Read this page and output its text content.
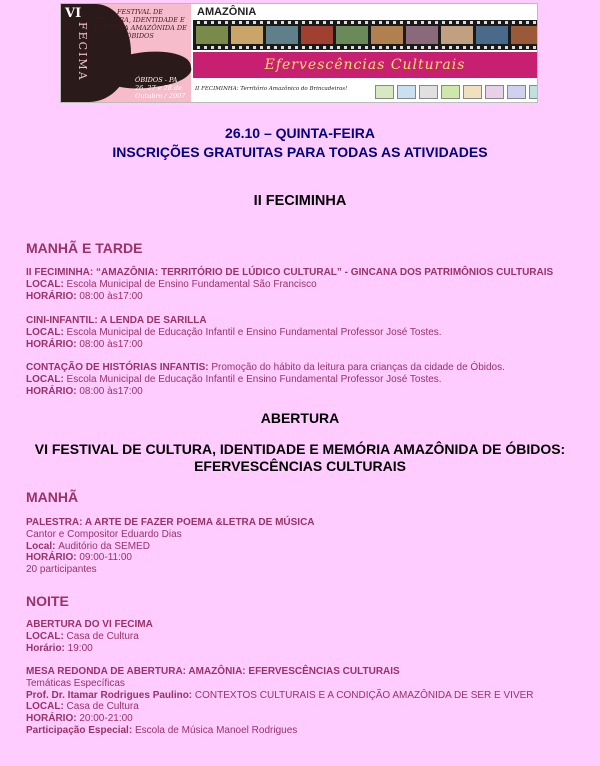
VI
FECIMA
FESTIVAL DE
CULTURA, IDENTIDADE E
MEMÓRIA AMAZÔNIDA DE
ÓBIDOS
ÓBIDOS - PA
26, 27 e 28 de Outubro / 2007
AMAZÔNIA
Efervescências Culturais
II FECIMINHA: Território Amazônico do Brincadeiras!
26.10 – QUINTA-FEIRA
INSCRIÇÕES GRATUITAS PARA TODAS AS ATIVIDADES
II FECIMINHA
MANHÃ E TARDE
II FECIMINHA: “AMAZÔNIA: TERRITÓRIO DE LÚDICO CULTURAL” - GINCANA DOS PATRIMÔNIOS CULTURAIS
LOCAL: Escola Municipal de Ensino Fundamental São Francisco
HORÁRIO: 08:00 às17:00
CINI-INFANTIL: A LENDA DE SARILLA
LOCAL: Escola Municipal de Educação Infantil e Ensino Fundamental Professor José Tostes.
HORÁRIO: 08:00 às17:00
CONTAÇÃO DE HISTÓRIAS INFANTIS: Promoção do hábito da leitura para crianças da cidade de Óbidos.
LOCAL: Escola Municipal de Educação Infantil e Ensino Fundamental Professor José Tostes.
HORÁRIO: 08:00 às17:00
ABERTURA
VI FESTIVAL DE CULTURA, IDENTIDADE E MEMÓRIA AMAZÔNIDA DE ÓBIDOS:
EFERVESCÊNCIAS CULTURAIS
MANHÃ
PALESTRA: A ARTE DE FAZER POEMA &LETRA DE MÚSICA
Cantor e Compositor Eduardo Dias
Local: Auditório da SEMED
HORÁRIO: 09:00-11:00
20 participantes
NOITE
ABERTURA DO VI FECIMA
LOCAL: Casa de Cultura
Horário: 19:00
MESA REDONDA DE ABERTURA: AMAZÔNIA: EFERVESCÊNCIAS CULTURAIS
Temáticas Específicas
Prof. Dr. Itamar Rodrigues Paulino: CONTEXTOS CULTURAIS E A CONDIÇÃO AMAZÔNIDA DE SER E VIVER
LOCAL: Casa de Cultura
HORÁRIO: 20:00-21:00
Participação Especial: Escola de Música Manoel Rodrigues
